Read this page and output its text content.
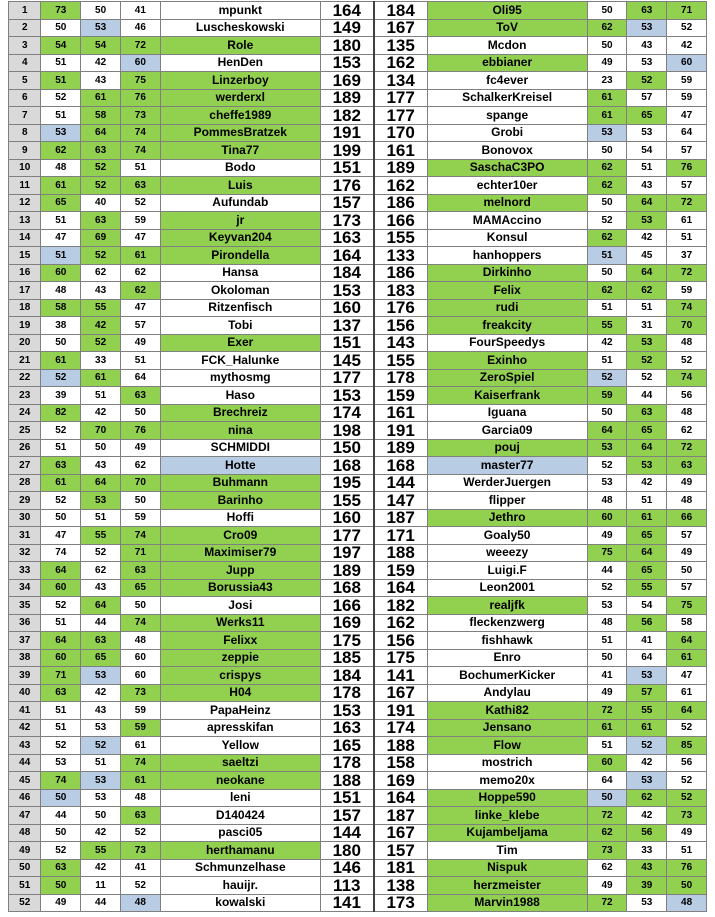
1	73	50	41	mpunkt	164	184	Oli95	50	63	71
2	50	53	46	Luscheskowski	149	167	ToV	62	53	52
3	54	54	72	Role	180	135	Mcdon	50	43	42
4	51	42	60	HenDen	153	162	ebbianer	49	53	60
5	51	43	75	Linzerboy	169	134	fc4ever	23	52	59
6	52	61	76	werderxl	189	177	SchalkerKreisel	61	57	59
7	51	58	73	cheffe1989	182	177	spange	61	65	47
8	53	64	74	PommesBratzek	191	170	Grobi	53	53	64
9	62	63	74	Tina77	199	161	Bonovox	50	54	57
10	48	52	51	Bodo	151	189	SaschaC3PO	62	51	76
11	61	52	63	Luis	176	162	echter10er	62	43	57
12	65	40	52	Aufundab	157	186	melnord	50	64	72
13	51	63	59	jr	173	166	MAMAccino	52	53	61
14	47	69	47	Keyvan204	163	155	Konsul	62	42	51
15	51	52	61	Pirondella	164	133	hanhoppers	51	45	37
16	60	62	62	Hansa	184	186	Dirkinho	50	64	72
17	48	43	62	Okoloman	153	183	Felix	62	62	59
18	58	55	47	Ritzenfisch	160	176	rudi	51	51	74
19	38	42	57	Tobi	137	156	freakcity	55	31	70
20	50	52	49	Exer	151	143	FourSpeedys	42	53	48
21	61	33	51	FCK_Halunke	145	155	Exinho	51	52	52
22	52	61	64	mythosmg	177	178	ZeroSpiel	52	52	74
23	39	51	63	Haso	153	159	Kaiserfrank	59	44	56
24	82	42	50	Brechreiz	174	161	Iguana	50	63	48
25	52	70	76	nina	198	191	Garcia09	64	65	62
26	51	50	49	SCHMIDDI	150	189	pouj	53	64	72
27	63	43	62	Hotte	168	168	master77	52	53	63
28	61	64	70	Buhmann	195	144	WerderJuergen	53	42	49
29	52	53	50	Barinho	155	147	flipper	48	51	48
30	50	51	59	Hoffi	160	187	Jethro	60	61	66
31	47	55	74	Cro09	177	171	Goaly50	49	65	57
32	74	52	71	Maximiser79	197	188	weeezy	75	64	49
33	64	62	63	Jupp	189	159	Luigi.F	44	65	50
34	60	43	65	Borussia43	168	164	Leon2001	52	55	57
35	52	64	50	Josi	166	182	realjfk	53	54	75
36	51	44	74	Werks11	169	162	fleckenzwerg	48	56	58
37	64	63	48	Felixx	175	156	fishhawk	51	41	64
38	60	65	60	zeppie	185	175	Enro	50	64	61
39	71	53	60	crispys	184	141	BochumerKicker	41	53	47
40	63	42	73	H04	178	167	Andylau	49	57	61
41	51	43	59	PapaHeinz	153	191	Kathi82	72	55	64
42	51	53	59	apresskifan	163	174	Jensano	61	61	52
43	52	52	61	Yellow	165	188	Flow	51	52	85
44	53	51	74	saeltzi	178	158	mostrich	60	42	56
45	74	53	61	neokane	188	169	memo20x	64	53	52
46	50	53	48	leni	151	164	Hoppe590	50	62	52
47	44	50	63	D140424	157	187	linke_klebe	72	42	73
48	50	42	52	pasci05	144	167	Kujambeljama	62	56	49
49	52	55	73	herthamanu	180	157	Tim	73	33	51
50	63	42	41	Schmunzelhase	146	181	Nispuk	62	43	76
51	50	11	52	hauijr.	113	138	herzmeister	49	39	50
52	49	44	48	kowalski	141	173	Marvin1988	72	53	48
